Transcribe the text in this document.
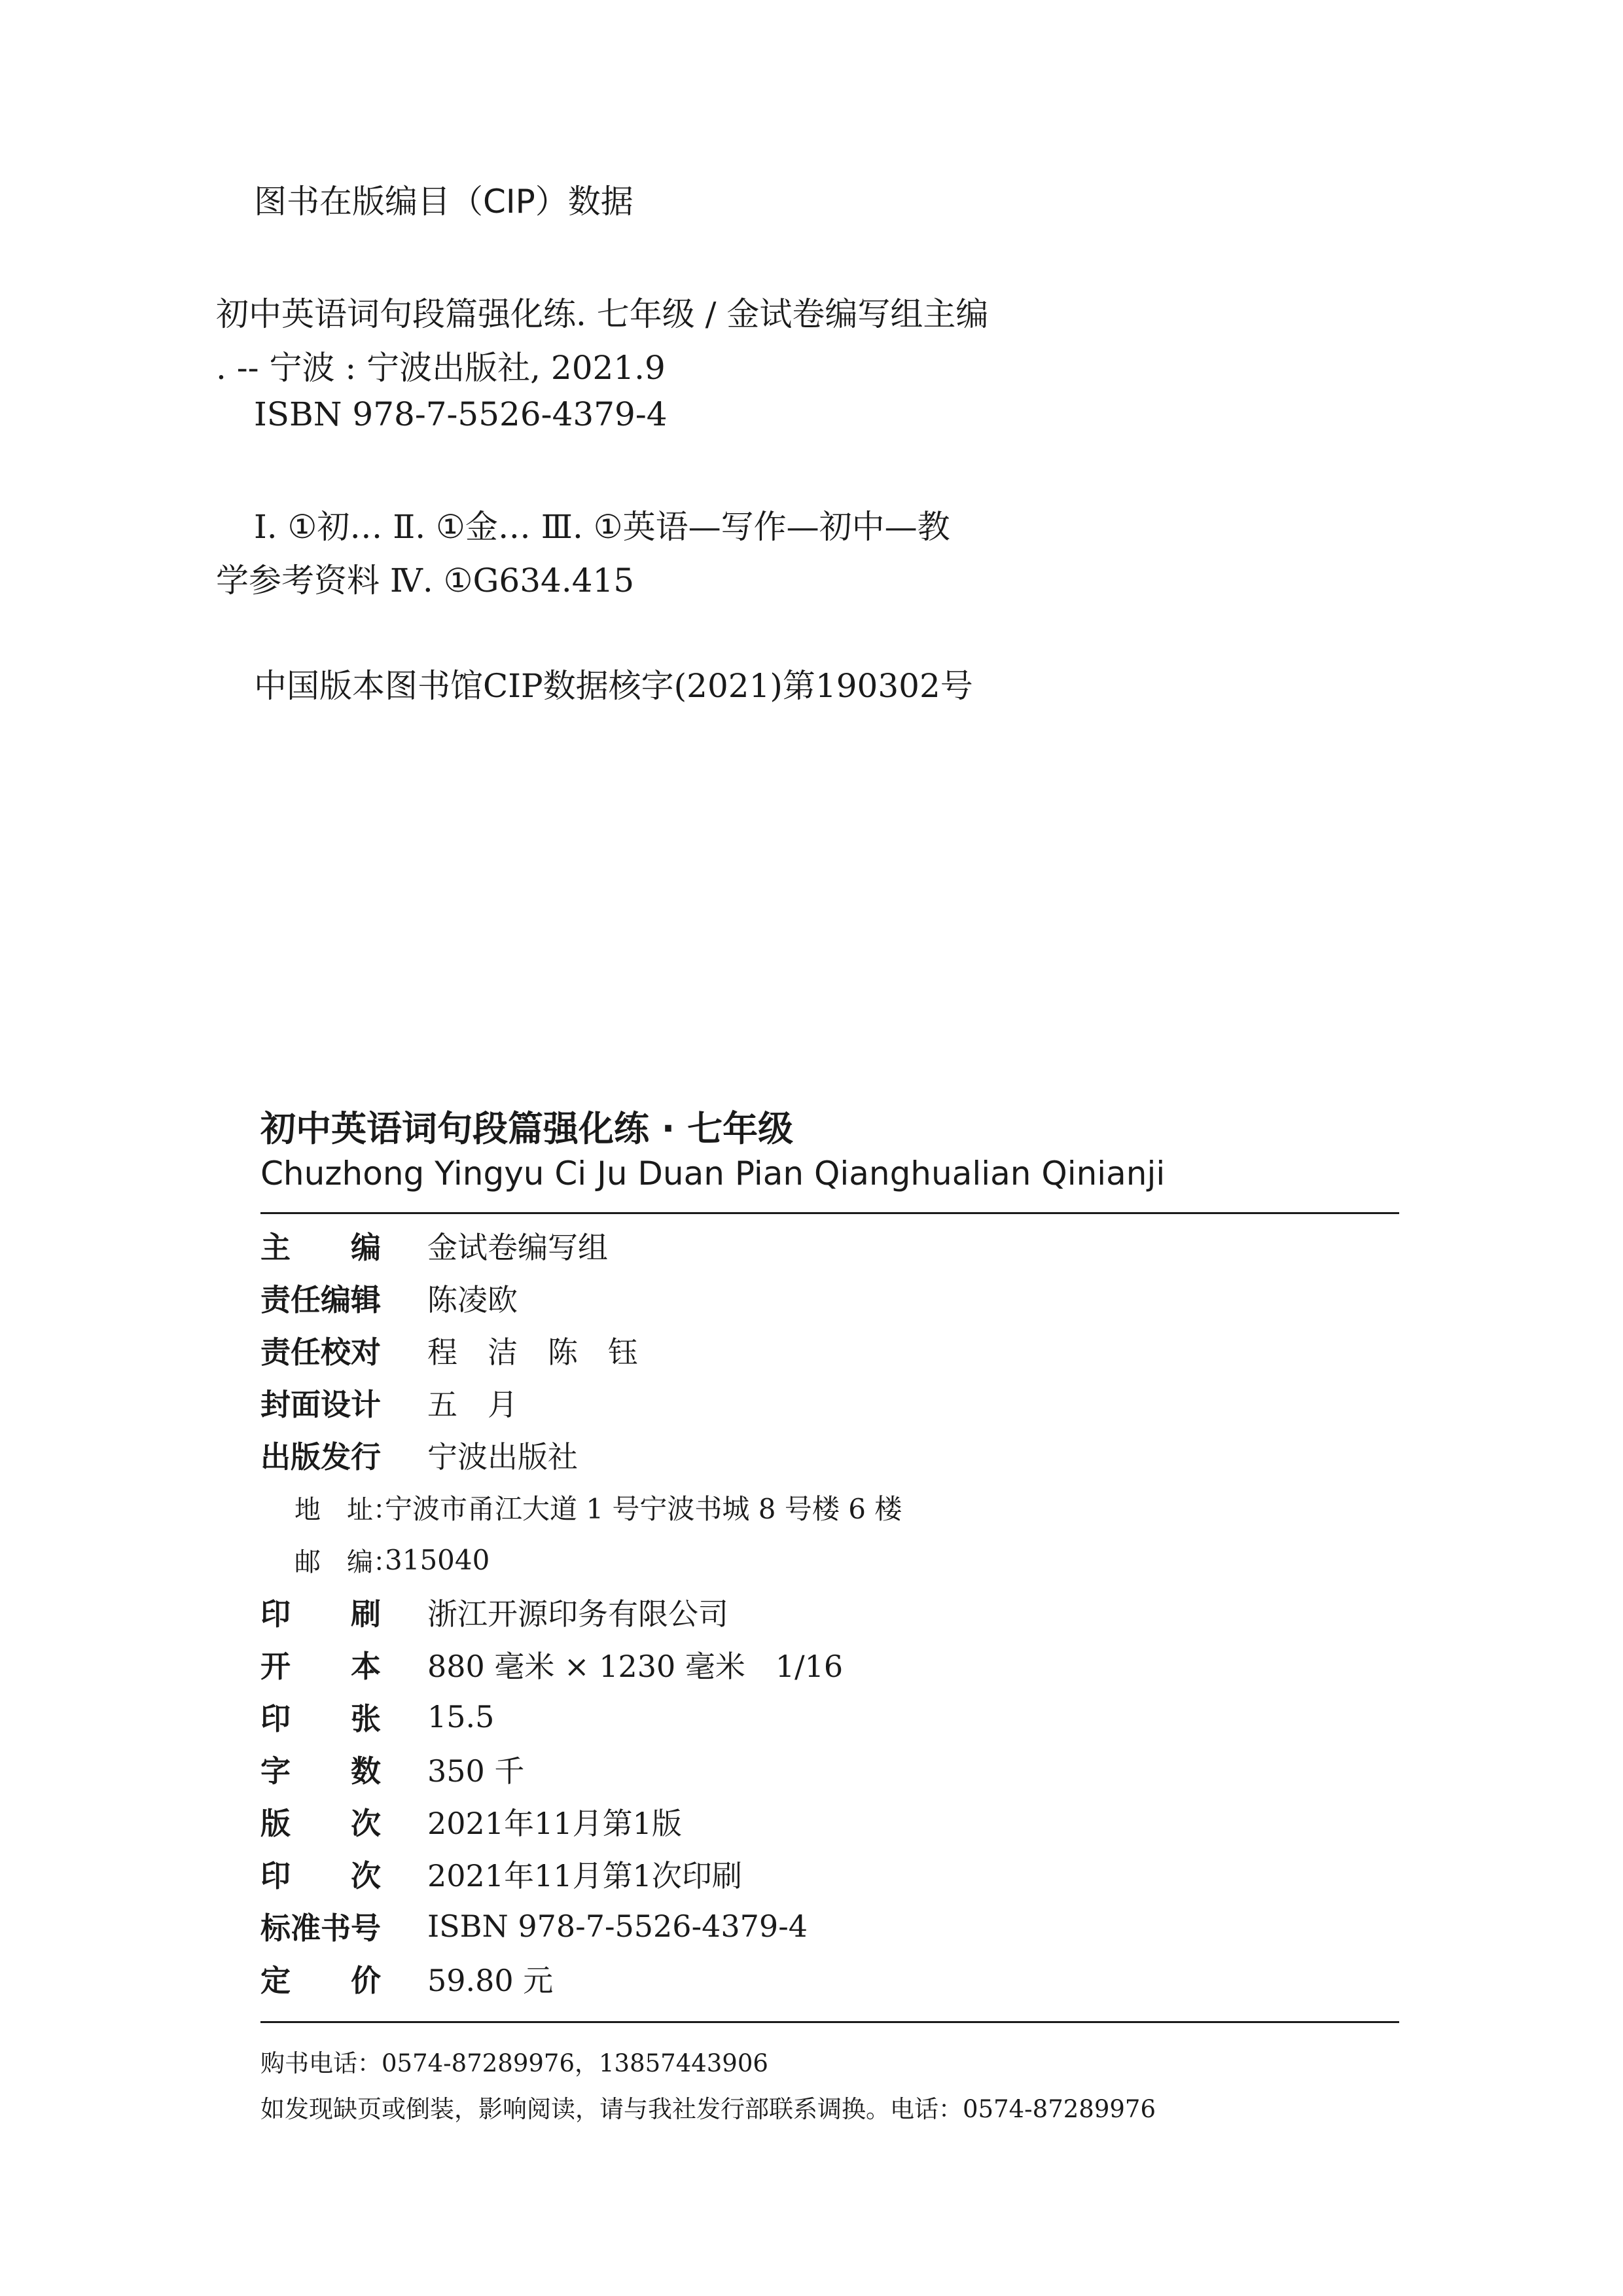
图书在版编目（CIP）数据
初中英语词句段篇强化练. 七年级 / 金试卷编写组主编
. -- 宁波 : 宁波出版社, 2021.9
ISBN 978-7-5526-4379-4
Ⅰ. ①初… Ⅱ. ①金… Ⅲ. ①英语—写作—初中—教
学参考资料 Ⅳ. ①G634.415
中国版本图书馆CIP数据核字(2021)第190302号
初中英语词句段篇强化练 · 七年级
Chuzhong Yingyu Ci Ju Duan Pian Qianghualian Qinianji
主　　编	金试卷编写组
责任编辑	陈凌欧
责任校对	程　洁　陈　钰
封面设计	五　月
出版发行	宁波出版社
地　址：
宁波市甬江大道 1 号宁波书城 8 号楼 6 楼
邮　编：
315040
印　　刷	浙江开源印务有限公司
开　　本	880 毫米 × 1230 毫米　1/16
印　　张	15.5
字　　数	350 千
版　　次	2021年11月第1版
印　　次	2021年11月第1次印刷
标准书号	ISBN 978-7-5526-4379-4
定　　价	59.80 元
购书电话：0574-87289976，13857443906
如发现缺页或倒装，影响阅读，请与我社发行部联系调换。电话：0574-87289976
